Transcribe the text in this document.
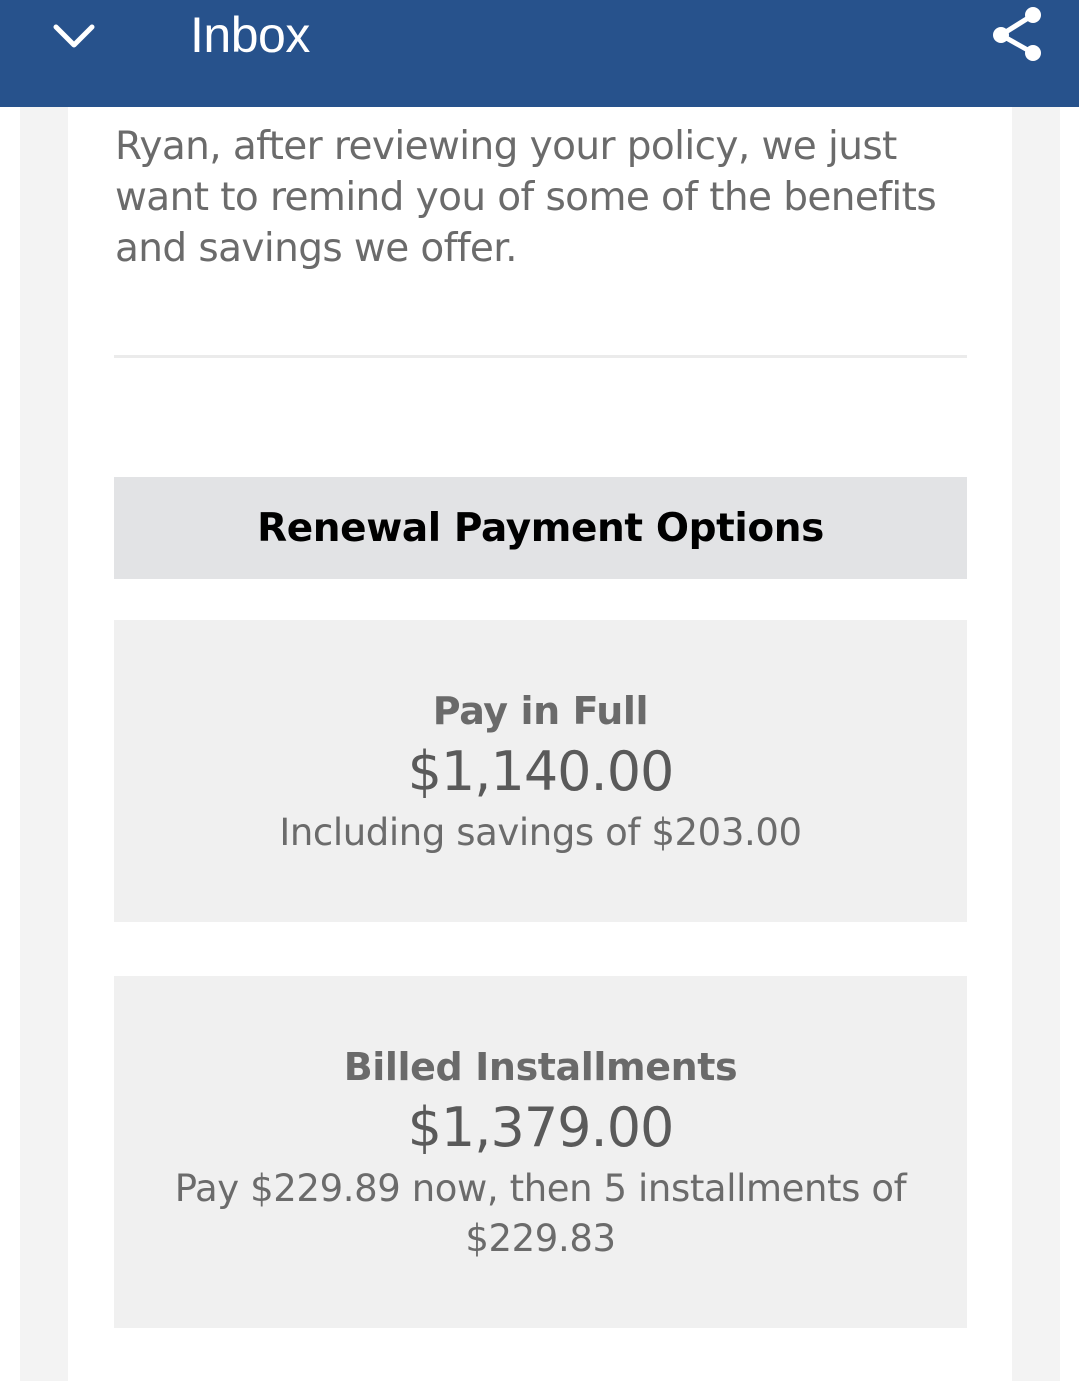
Inbox

Ryan, after reviewing your policy, we just want to remind you of some of the benefits and savings we offer.

Renewal Payment Options
Pay in Full
$1,140.00
Including savings of $203.00
Billed Installments
$1,379.00
Pay $229.89 now, then 5 installments of $229.83
